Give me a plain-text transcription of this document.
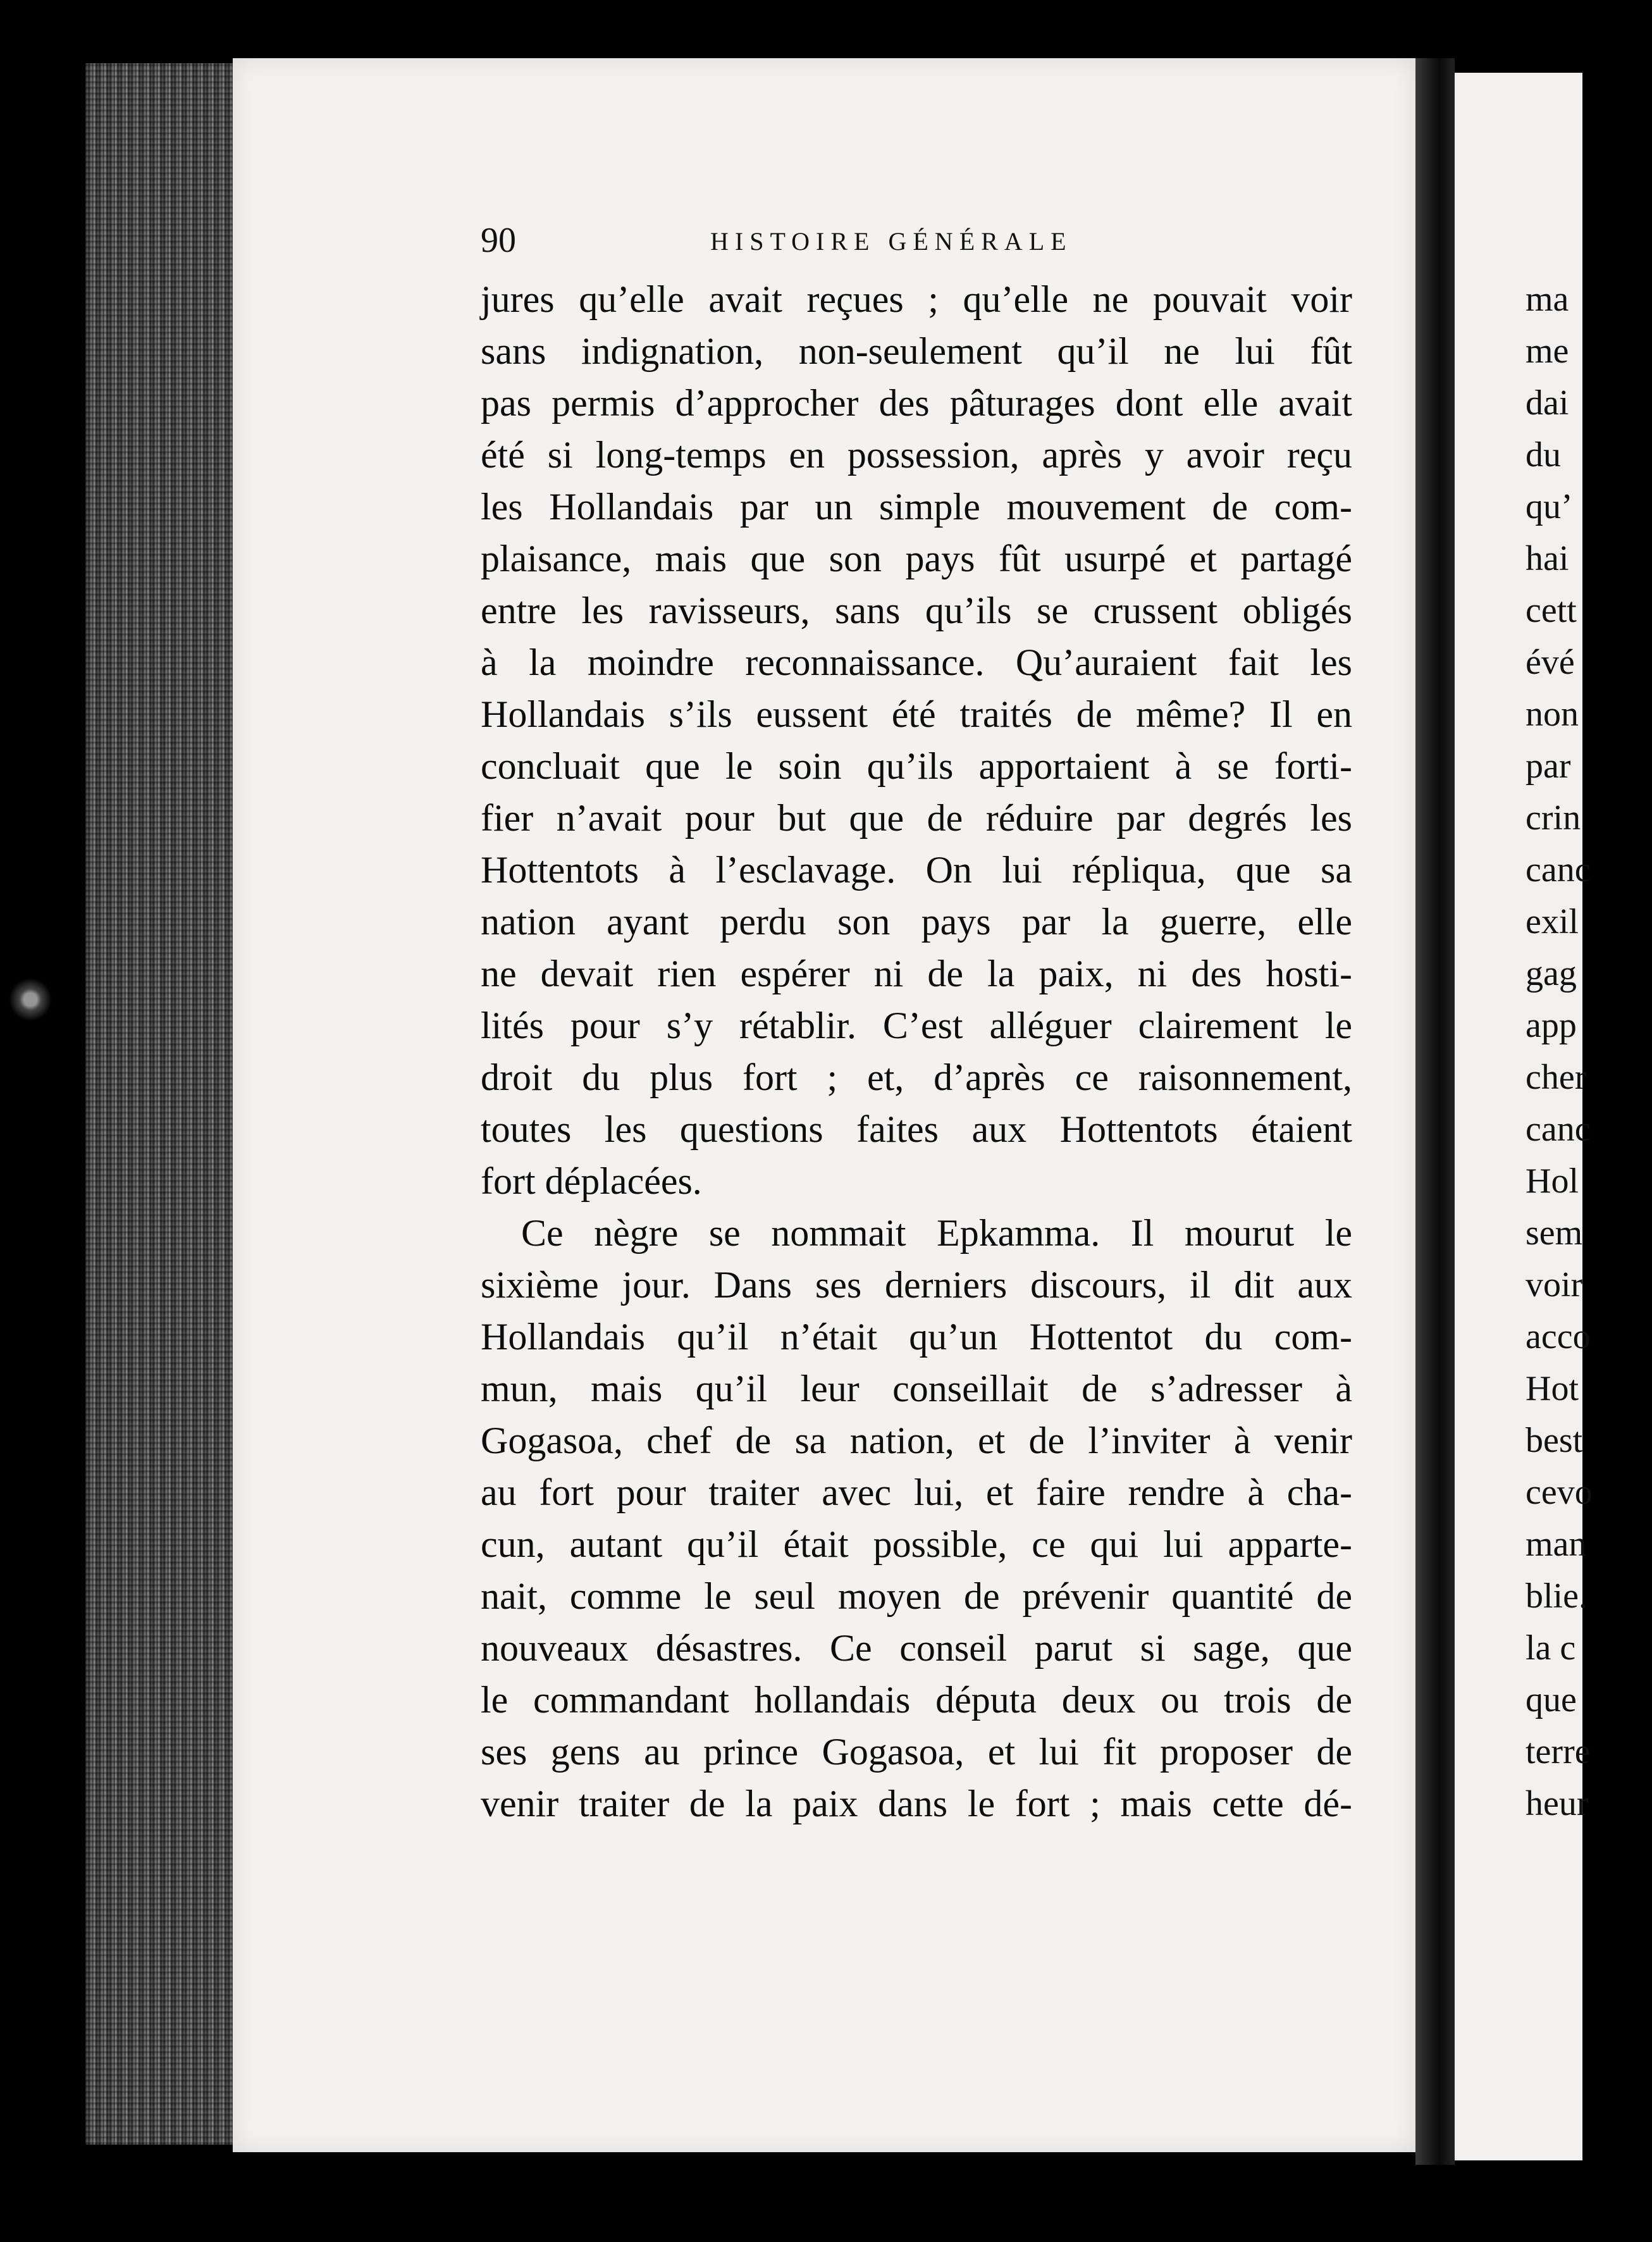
90	HISTOIRE GÉNÉRALE
jures qu’elle avait reçues ; qu’elle ne pouvait voir
sans indignation, non-seulement qu’il ne lui fût
pas permis d’approcher des pâturages dont elle avait
été si long-temps en possession, après y avoir reçu
les Hollandais par un simple mouvement de com-
plaisance, mais que son pays fût usurpé et partagé
entre les ravisseurs, sans qu’ils se crussent obligés
à la moindre reconnaissance. Qu’auraient fait les
Hollandais s’ils eussent été traités de même? Il en
concluait que le soin qu’ils apportaient à se forti-
fier n’avait pour but que de réduire par degrés les
Hottentots à l’esclavage. On lui répliqua, que sa
nation ayant perdu son pays par la guerre, elle
ne devait rien espérer ni de la paix, ni des hosti-
lités pour s’y rétablir. C’est alléguer clairement le
droit du plus fort ; et, d’après ce raisonnement,
toutes les questions faites aux Hottentots étaient
fort déplacées.
Ce nègre se nommait Epkamma. Il mourut le
sixième jour. Dans ses derniers discours, il dit aux
Hollandais qu’il n’était qu’un Hottentot du com-
mun, mais qu’il leur conseillait de s’adresser à
Gogasoa, chef de sa nation, et de l’inviter à venir
au fort pour traiter avec lui, et faire rendre à cha-
cun, autant qu’il était possible, ce qui lui apparte-
nait, comme le seul moyen de prévenir quantité de
nouveaux désastres. Ce conseil parut si sage, que
le commandant hollandais députa deux ou trois de
ses gens au prince Gogasoa, et lui fit proposer de
venir traiter de la paix dans le fort ; mais cette dé-
ma
me
dai
du
qu’
hai
cett
évé
non
par
crin
canc
exil
gag
app
cher
canc
Hol
sem
voir
acco
Hot
best
cevo
man
blie.
la c
que
terre
heur
